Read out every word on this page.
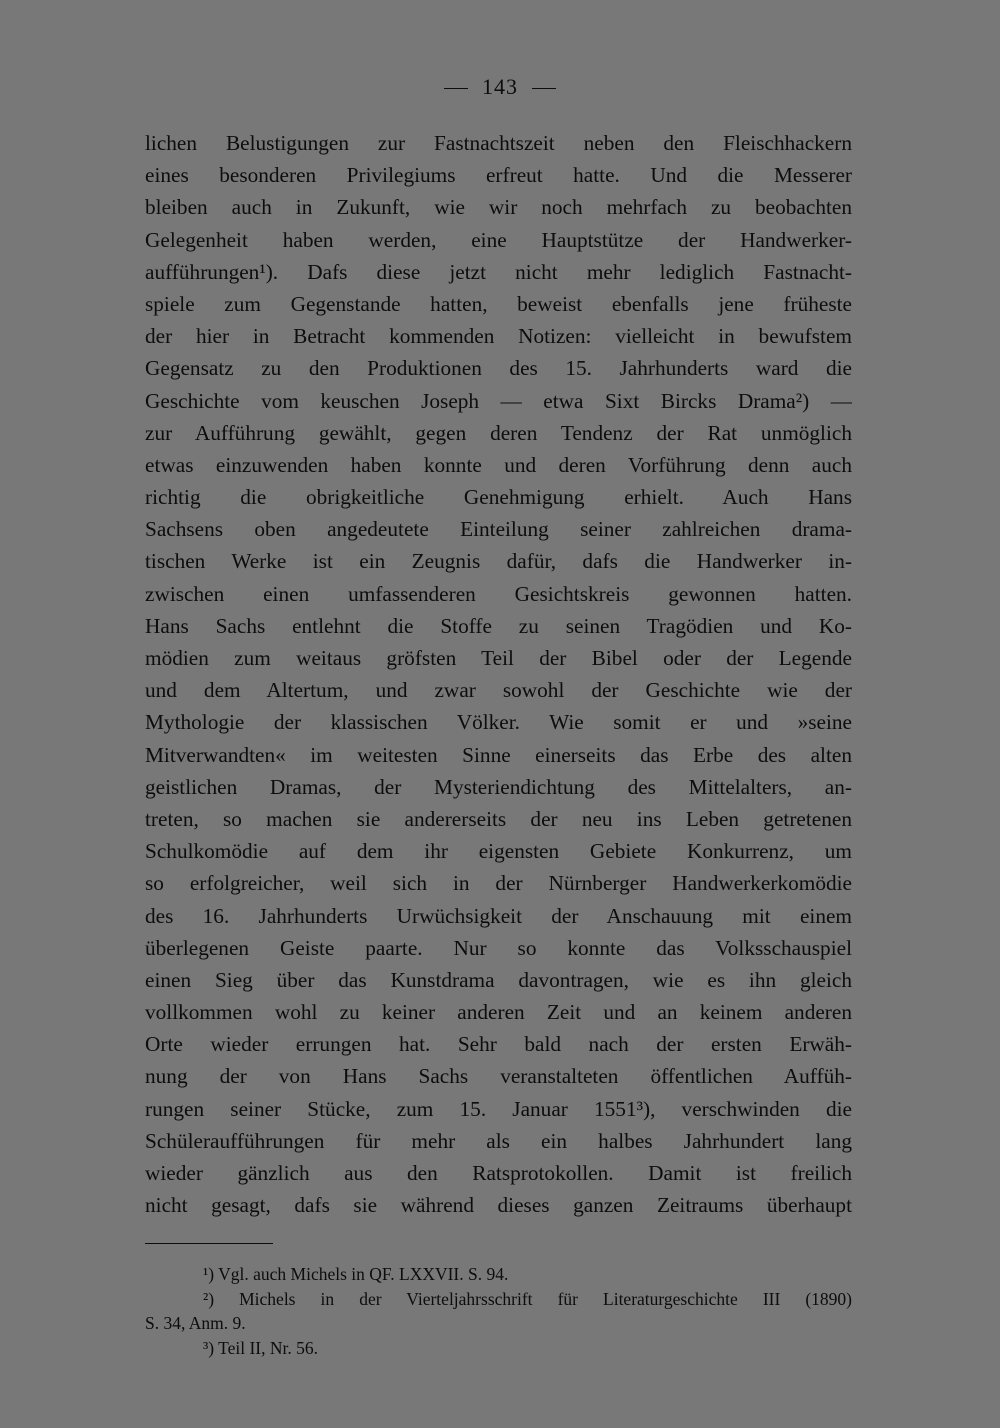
143
lichen Belustigungen zur Fastnachtszeit neben den Fleischhackern
eines besonderen Privilegiums erfreut hatte. Und die Messerer
bleiben auch in Zukunft, wie wir noch mehrfach zu beobachten
Gelegenheit haben werden, eine Hauptstütze der Handwerker-
aufführungen¹). Dafs diese jetzt nicht mehr lediglich Fastnacht-
spiele zum Gegenstande hatten, beweist ebenfalls jene früheste
der hier in Betracht kommenden Notizen: vielleicht in bewufstem
Gegensatz zu den Produktionen des 15. Jahrhunderts ward die
Geschichte vom keuschen Joseph — etwa Sixt Bircks Drama²) —
zur Aufführung gewählt, gegen deren Tendenz der Rat unmöglich
etwas einzuwenden haben konnte und deren Vorführung denn auch
richtig die obrigkeitliche Genehmigung erhielt. Auch Hans
Sachsens oben angedeutete Einteilung seiner zahlreichen drama-
tischen Werke ist ein Zeugnis dafür, dafs die Handwerker in-
zwischen einen umfassenderen Gesichtskreis gewonnen hatten.
Hans Sachs entlehnt die Stoffe zu seinen Tragödien und Ko-
mödien zum weitaus gröfsten Teil der Bibel oder der Legende
und dem Altertum, und zwar sowohl der Geschichte wie der
Mythologie der klassischen Völker. Wie somit er und »seine
Mitverwandten« im weitesten Sinne einerseits das Erbe des alten
geistlichen Dramas, der Mysteriendichtung des Mittelalters, an-
treten, so machen sie andererseits der neu ins Leben getretenen
Schulkomödie auf dem ihr eigensten Gebiete Konkurrenz, um
so erfolgreicher, weil sich in der Nürnberger Handwerkerkomödie
des 16. Jahrhunderts Urwüchsigkeit der Anschauung mit einem
überlegenen Geiste paarte. Nur so konnte das Volksschauspiel
einen Sieg über das Kunstdrama davontragen, wie es ihn gleich
vollkommen wohl zu keiner anderen Zeit und an keinem anderen
Orte wieder errungen hat. Sehr bald nach der ersten Erwäh-
nung der von Hans Sachs veranstalteten öffentlichen Auffüh-
rungen seiner Stücke, zum 15. Januar 1551³), verschwinden die
Schüleraufführungen für mehr als ein halbes Jahrhundert lang
wieder gänzlich aus den Ratsprotokollen. Damit ist freilich
nicht gesagt, dafs sie während dieses ganzen Zeitraums überhaupt
¹) Vgl. auch Michels in QF. LXXVII. S. 94.
²) Michels in der Vierteljahrsschrift für Literaturgeschichte III (1890)
S. 34, Anm. 9.
³) Teil II, Nr. 56.
